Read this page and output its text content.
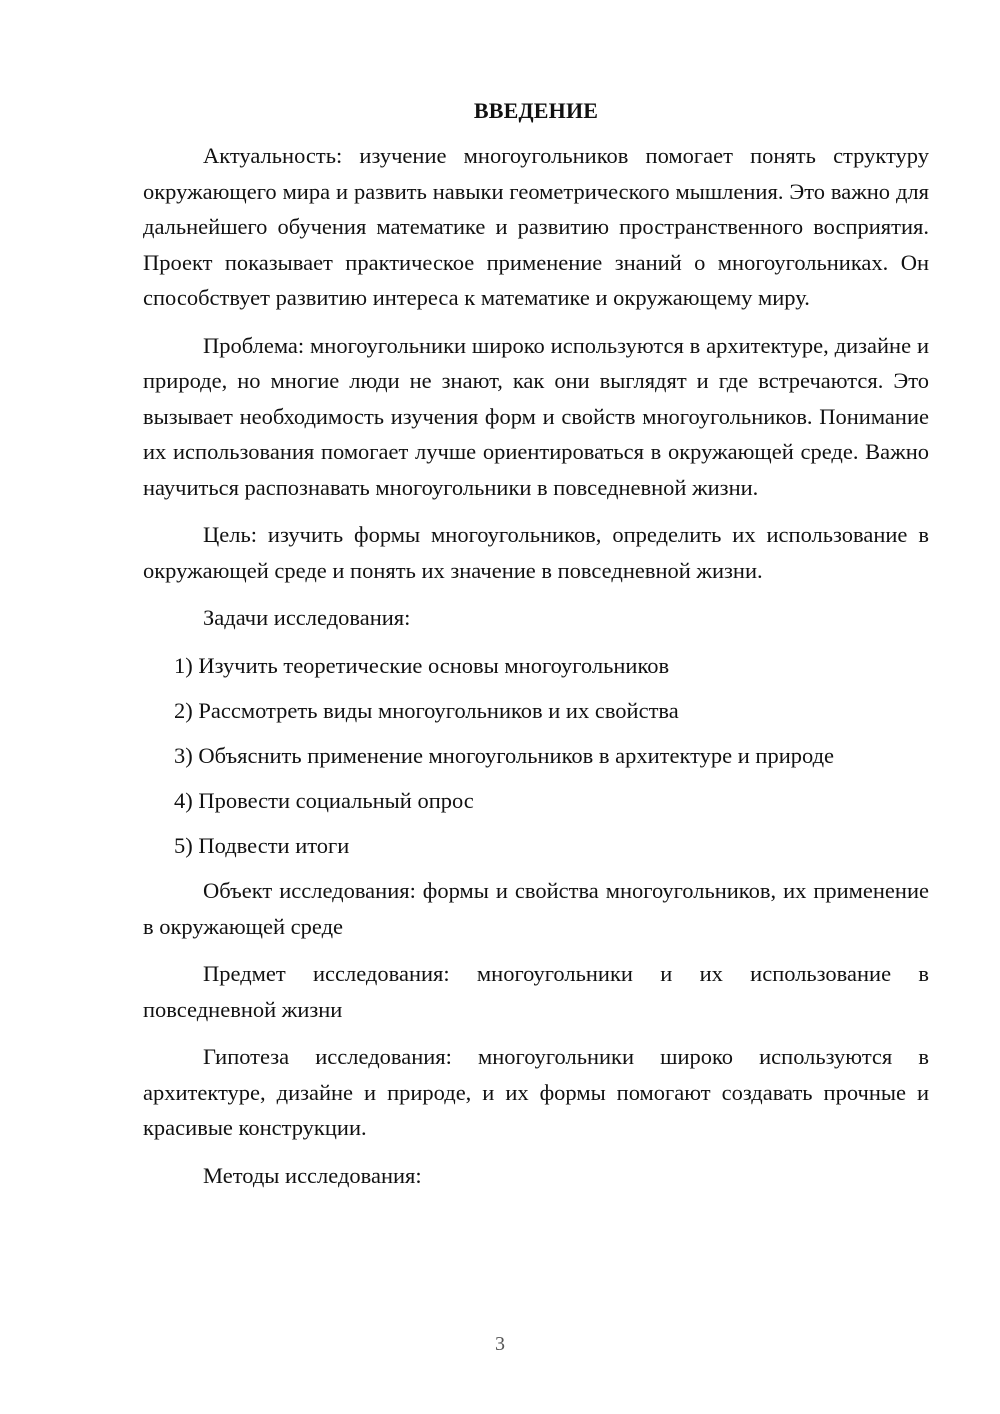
ВВЕДЕНИЕ

Актуальность: изучение многоугольников помогает понять структуру окружающего мира и развить навыки геометрического мышления. Это важно для дальнейшего обучения математике и развитию пространственного восприятия. Проект показывает практическое применение знаний о многоугольниках. Он способствует развитию интереса к математике и окружающему миру.

Проблема: многоугольники широко используются в архитектуре, дизайне и природе, но многие люди не знают, как они выглядят и где встречаются. Это вызывает необходимость изучения форм и свойств многоугольников. Понимание их использования помогает лучше ориентироваться в окружающей среде. Важно научиться распознавать многоугольники в повседневной жизни.

Цель: изучить формы многоугольников, определить их использование в окружающей среде и понять их значение в повседневной жизни.

Задачи исследования:

1) Изучить теоретические основы многоугольников
2) Рассмотреть виды многоугольников и их свойства
3) Объяснить применение многоугольников в архитектуре и природе
4) Провести социальный опрос
5) Подвести итоги

Объект исследования: формы и свойства многоугольников, их применение в окружающей среде

Предмет исследования: многоугольники и их использование в повседневной жизни

Гипотеза исследования: многоугольники широко используются в архитектуре, дизайне и природе, и их формы помогают создавать прочные и красивые конструкции.

Методы исследования:

3
